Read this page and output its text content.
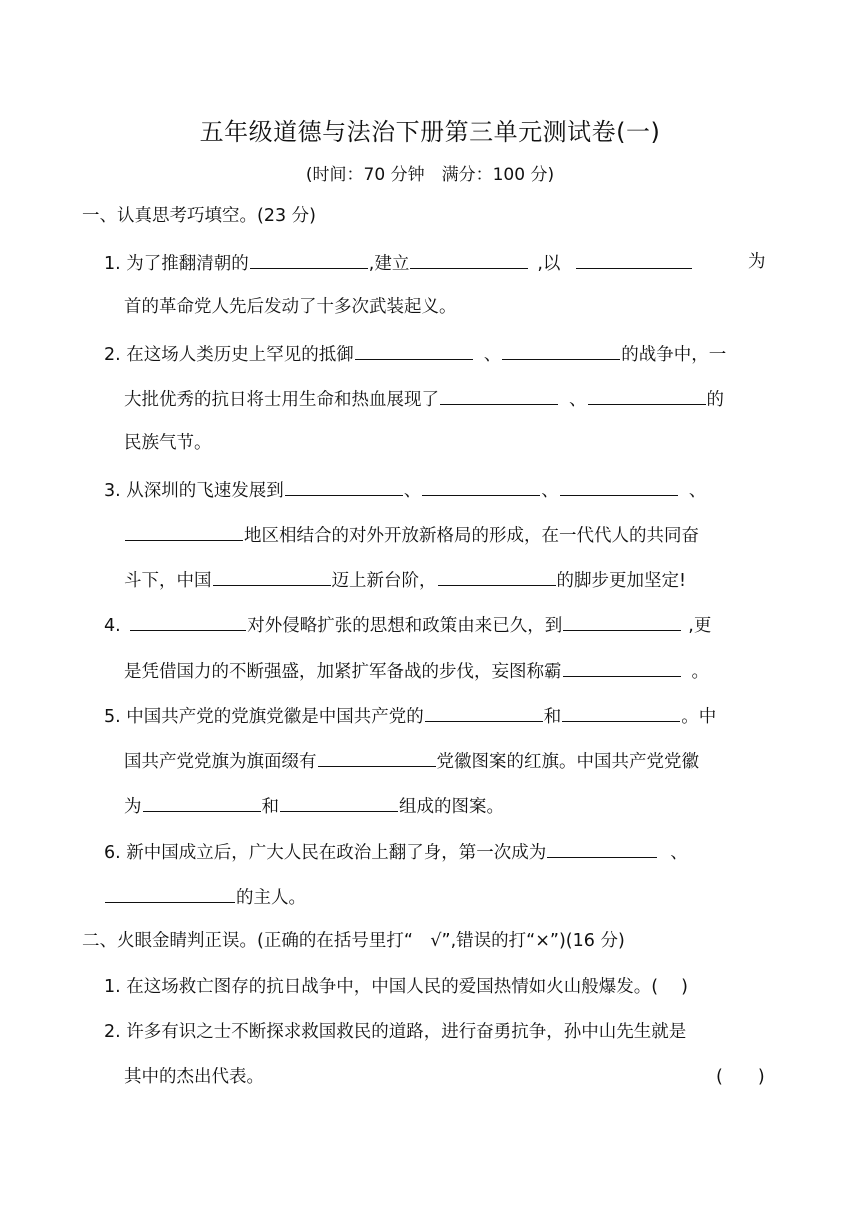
五年级道德与法治下册第三单元测试卷(一)
(时间：70 分钟　满分：100 分)
一、认真思考巧填空。(23 分)
1. 为了推翻清朝的	,建立	,以	为
首的革命党人先后发动了十多次武装起义。
2. 在这场人类历史上罕见的抵御	、	的战争中，一
大批优秀的抗日将士用生命和热血展现了	、	的
民族气节。
3. 从深圳的飞速发展到	、	、	、
地区相结合的对外开放新格局的形成，在一代代人的共同奋
斗下，中国	迈上新台阶，	的脚步更加坚定!
4.	对外侵略扩张的思想和政策由来已久，到	,更
是凭借国力的不断强盛，加紧扩军备战的步伐，妄图称霸	。
5. 中国共产党的党旗党徽是中国共产党的	和	。中
国共产党党旗为旗面缀有	党徽图案的红旗。中国共产党党徽
为	和	组成的图案。
6. 新中国成立后，广大人民在政治上翻了身，第一次成为	、
的主人。
二、火眼金睛判正误。(正确的在括号里打“　√”,错误的打“×”)(16 分)
1. 在这场救亡图存的抗日战争中，中国人民的爱国热情如火山般爆发。(　 )
2. 许多有识之士不断探求救国救民的道路，进行奋勇抗争，孙中山先生就是
其中的杰出代表。	(　　)
